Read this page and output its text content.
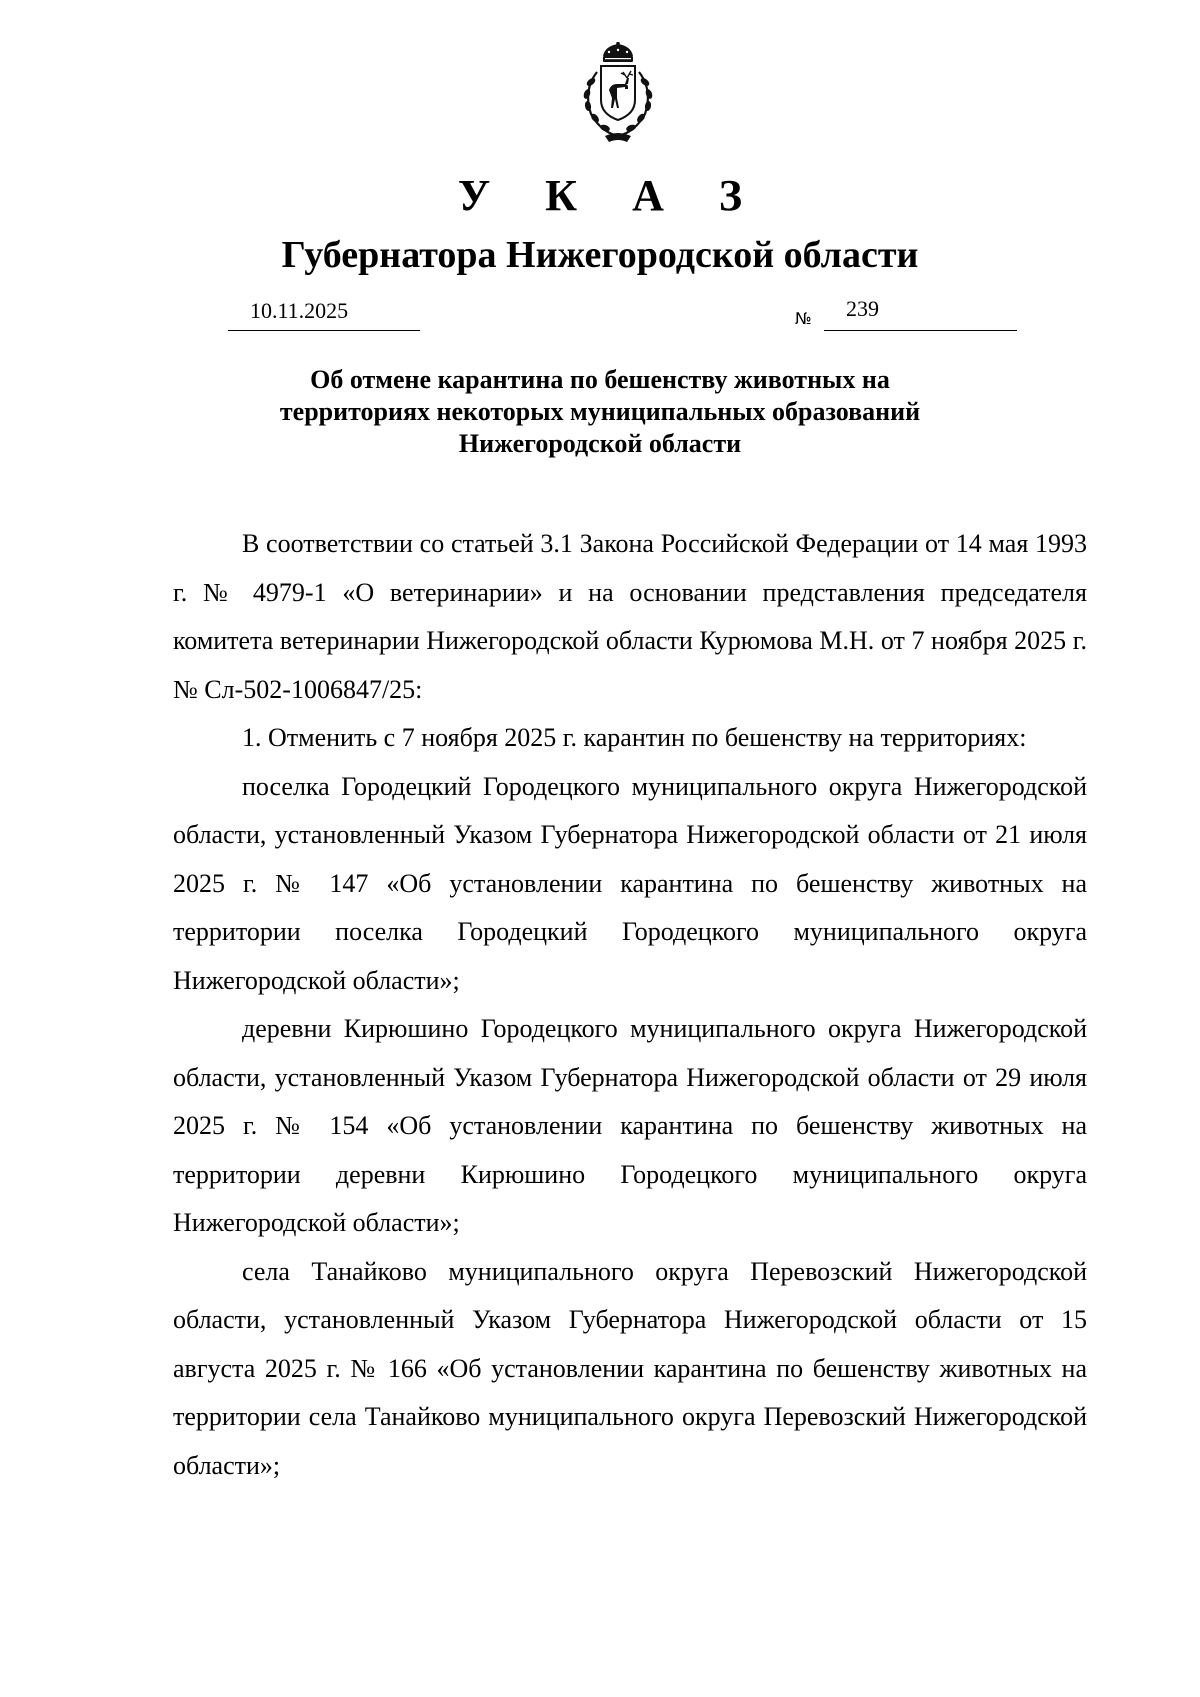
У К А З
Губернатора Нижегородской области
10.11.2025	№ 239
Об отмене карантина по бешенству животных на
территориях некоторых муниципальных образований
Нижегородской области

В соответствии со статьей 3.1 Закона Российской Федерации от 14 мая 1993 г. № 4979-1 «О ветеринарии» и на основании представления председателя комитета ветеринарии Нижегородской области Курюмова М.Н. от 7 ноября 2025 г. № Сл-502-1006847/25:

1. Отменить с 7 ноября 2025 г. карантин по бешенству на территориях:

поселка Городецкий Городецкого муниципального округа Нижегородской области, установленный Указом Губернатора Нижегородской области от 21 июля 2025 г. № 147 «Об установлении карантина по бешенству животных на территории поселка Городецкий Городецкого муниципального округа Нижегородской области»;

деревни Кирюшино Городецкого муниципального округа Нижегородской области, установленный Указом Губернатора Нижегородской области от 29 июля 2025 г. № 154 «Об установлении карантина по бешенству животных на территории деревни Кирюшино Городецкого муниципального округа Нижегородской области»;

села Танайково муниципального округа Перевозский Нижегородской области, установленный Указом Губернатора Нижегородской области от 15 августа 2025 г. № 166 «Об установлении карантина по бешенству животных на территории села Танайково муниципального округа Перевозский Нижегородской области»;
